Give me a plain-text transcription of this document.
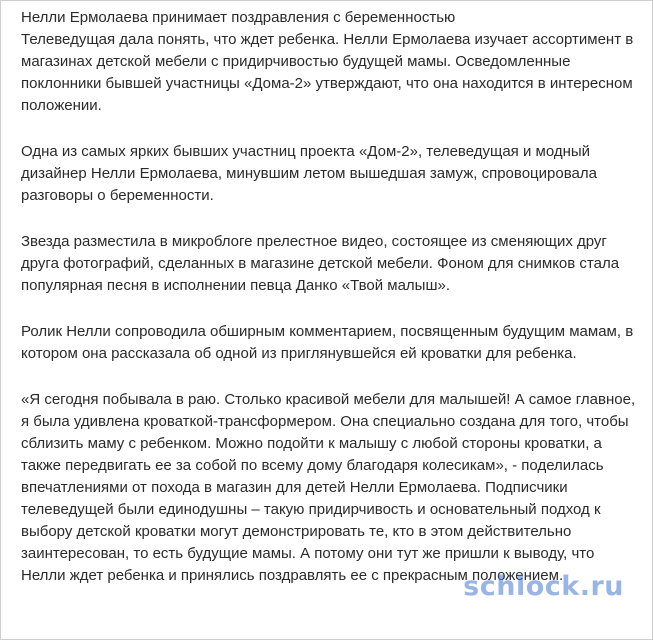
Нелли Ермолаева принимает поздравления с беременностью
Телеведущая дала понять, что ждет ребенка. Нелли Ермолаева изучает ассортимент в магазинах детской мебели с придирчивостью будущей мамы. Осведомленные поклонники бывшей участницы «Дома-2» утверждают, что она находится в интересном положении.

Одна из самых ярких бывших участниц проекта «Дом-2», телеведущая и модный дизайнер Нелли Ермолаева, минувшим летом вышедшая замуж, спровоцировала разговоры о беременности.

Звезда разместила в микроблоге прелестное видео, состоящее из сменяющих друг друга фотографий, сделанных в магазине детской мебели. Фоном для снимков стала популярная песня в исполнении певца Данко «Твой малыш».

Ролик Нелли сопроводила обширным комментарием, посвященным будущим мамам, в котором она рассказала об одной из приглянувшейся ей кроватки для ребенка.

«Я сегодня побывала в раю. Столько красивой мебели для малышей! А самое главное, я была удивлена кроваткой-трансформером. Она специально создана для того, чтобы сблизить маму с ребенком. Можно подойти к малышу с любой стороны кроватки, а также передвигать ее за собой по всему дому благодаря колесикам», - поделилась впечатлениями от похода в магазин для детей Нелли Ермолаева. Подписчики телеведущей были единодушны – такую придирчивость и основательный подход к выбору детской кроватки могут демонстрировать те, кто в этом действительно заинтересован, то есть будущие мамы. А потому они тут же пришли к выводу, что Нелли ждет ребенка и принялись поздравлять ее с прекрасным положением.

schlock.ru
